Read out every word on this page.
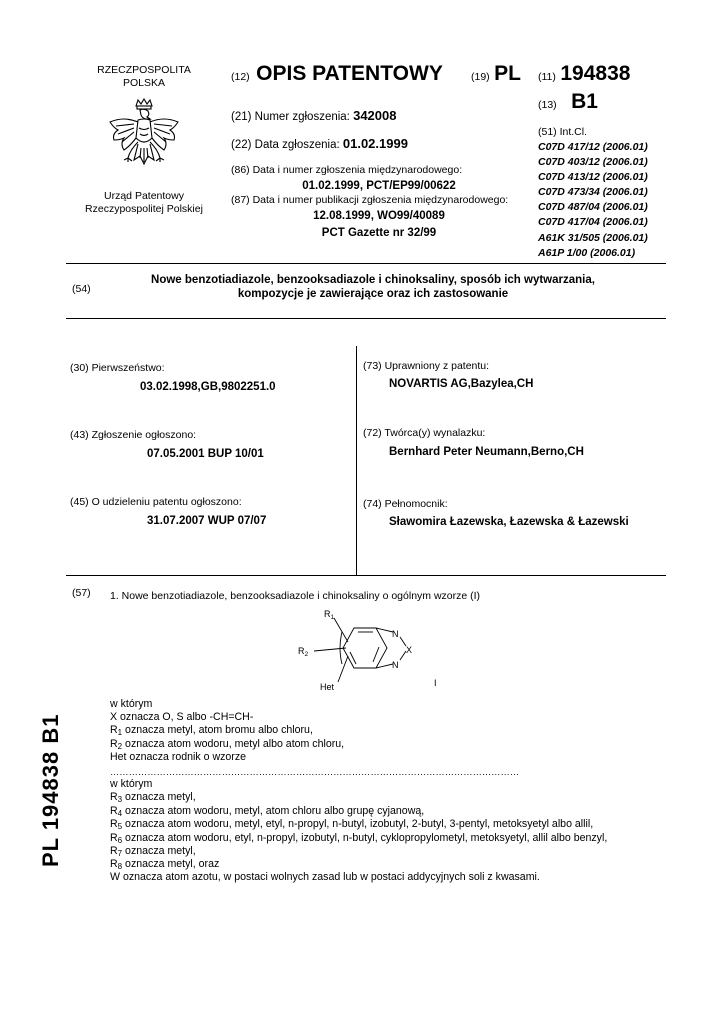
RZECZPOSPOLITA
POLSKA
Urząd Patentowy
Rzeczypospolitej Polskiej
(12) OPIS PATENTOWY	(19) PL
(21) Numer zgłoszenia: 342008
(22) Data zgłoszenia: 01.02.1999
(86) Data i numer zgłoszenia międzynarodowego:
01.02.1999, PCT/EP99/00622
(87) Data i numer publikacji zgłoszenia międzynarodowego:
12.08.1999, WO99/40089
PCT Gazette nr 32/99
(11) 194838
(13) B1
(51) Int.Cl.
C07D 417/12 (2006.01)
C07D 403/12 (2006.01)
C07D 413/12 (2006.01)
C07D 473/34 (2006.01)
C07D 487/04 (2006.01)
C07D 417/04 (2006.01)
A61K 31/505 (2006.01)
A61P 1/00 (2006.01)
(54)
Nowe benzotiadiazole, benzooksadiazole i chinoksaliny, sposób ich wytwarzania,
kompozycje je zawierające oraz ich zastosowanie
(30) Pierwszeństwo:
03.02.1998,GB,9802251.0
(43) Zgłoszenie ogłoszono:
07.05.2001 BUP 10/01
(45) O udzieleniu patentu ogłoszono:
31.07.2007 WUP 07/07
(73) Uprawniony z patentu:
NOVARTIS AG,Bazylea,CH
(72) Twórca(y) wynalazku:
Bernhard Peter Neumann,Berno,CH
(74) Pełnomocnik:
Sławomira Łazewska, Łazewska & Łazewski
(57) 1. Nowe benzotiadiazole, benzooksadiazole i chinoksaliny o ogólnym wzorze (I)
$R_1$
$R_2$
Het
N
N
X
I
w którym
X oznacza O, S albo -CH=CH-
$R_1$ oznacza metyl, atom bromu albo chloru,
$R_2$ oznacza atom wodoru, metyl albo atom chloru,
Het oznacza rodnik o wzorze
……………………………………………………………………………………………………………………
w którym
$R_3$ oznacza metyl,
$R_4$ oznacza atom wodoru, metyl, atom chloru albo grupę cyjanową,
$R_5$ oznacza atom wodoru, metyl, etyl, n-propyl, n-butyl, izobutyl, 2-butyl, 3-pentyl, metoksyetyl albo allil,
$R_6$ oznacza atom wodoru, etyl, n-propyl, izobutyl, n-butyl, cyklopropylometyl, metoksyetyl, allil albo benzyl,
$R_7$ oznacza metyl,
$R_8$ oznacza metyl, oraz
W oznacza atom azotu, w postaci wolnych zasad lub w postaci addycyjnych soli z kwasami.
PL 194838 B1
